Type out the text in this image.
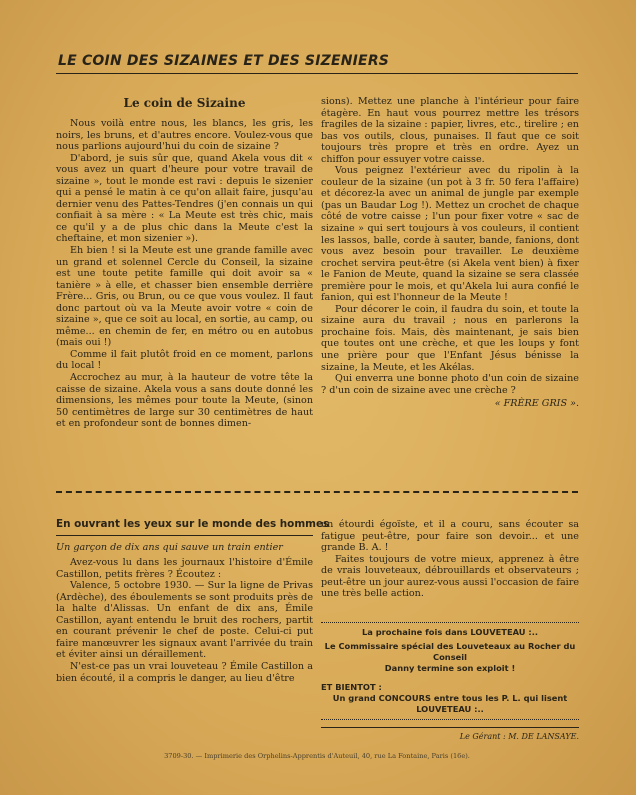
LE COIN DES SIZAINES ET DES SIZENIERS
Le coin de Sizaine

Nous voilà entre nous, les blancs, les gris, les noirs, les bruns, et d'autres encore. Voulez-vous que nous parlions aujourd'hui du coin de sizaine ?

D'abord, je suis sûr que, quand Akela vous dit « vous avez un quart d'heure pour votre travail de sizaine », tout le monde est ravi : depuis le sizenier qui a pensé le matin à ce qu'on allait faire, jusqu'au dernier venu des Pattes-Tendres (j'en connais un qui confiait à sa mère : « La Meute est très chic, mais ce qu'il y a de plus chic dans la Meute c'est la cheftaine, et mon sizenier »).

Eh bien ! si la Meute est une grande famille avec un grand et solennel Cercle du Conseil, la sizaine est une toute petite famille qui doit avoir sa « tanière » à elle, et chasser bien ensemble derrière Frère... Gris, ou Brun, ou ce que vous voulez. Il faut donc partout où va la Meute avoir votre « coin de sizaine », que ce soit au local, en sortie, au camp, ou même... en chemin de fer, en métro ou en autobus (mais oui !)

Comme il fait plutôt froid en ce moment, parlons du local !

Accrochez au mur, à la hauteur de votre tête la caisse de sizaine. Akela vous a sans doute donné les dimensions, les mêmes pour toute la Meute, (sinon 50 centimètres de large sur 30 centimètres de haut et en profondeur sont de bonnes dimen-

sions). Mettez une planche à l'intérieur pour faire étagère. En haut vous pourrez mettre les trésors fragiles de la sizaine : papier, livres, etc., tirelire ; en bas vos outils, clous, punaises. Il faut que ce soit toujours très propre et très en ordre. Ayez un chiffon pour essuyer votre caisse.

Vous peignez l'extérieur avec du ripolin à la couleur de la sizaine (un pot à 3 fr. 50 fera l'affaire) et décorez-la avec un animal de jungle par exemple (pas un Baudar Log !). Mettez un crochet de chaque côté de votre caisse ; l'un pour fixer votre « sac de sizaine » qui sert toujours à vos couleurs, il contient les lassos, balle, corde à sauter, bande, fanions, dont vous avez besoin pour travailler. Le deuxième crochet servira peut-être (si Akela vent bien) à fixer le Fanion de Meute, quand la sizaine se sera classée première pour le mois, et qu'Akela lui aura confié le fanion, qui est l'honneur de la Meute !

Pour décorer le coin, il faudra du soin, et toute la sizaine aura du travail ; nous en parlerons la prochaine fois. Mais, dès maintenant, je sais bien que toutes ont une crèche, et que les loups y font une prière pour que l'Enfant Jésus bénisse la sizaine, la Meute, et les Akélas.

Qui enverra une bonne photo d'un coin de sizaine ? d'un coin de sizaine avec une crèche ?

« FRÈRE GRIS ».
En ouvrant les yeux sur le monde des hommes
Un garçon de dix ans qui sauve un train entier

Avez-vous lu dans les journaux l'histoire d'Émile Castillon, petits frères ? Écoutez :

Valence, 5 octobre 1930. — Sur la ligne de Privas (Ardèche), des éboulements se sont produits près de la halte d'Alissas. Un enfant de dix ans, Émile Castillon, ayant entendu le bruit des rochers, partit en courant prévenir le chef de poste. Celui-ci put faire manœuvrer les signaux avant l'arrivée du train et éviter ainsi un déraillement.

N'est-ce pas un vrai louveteau ? Émile Castillon a bien écouté, il a compris le danger, au lieu d'être

un étourdi égoïste, et il a couru, sans écouter sa fatigue peut-être, pour faire son devoir... et une grande B. A. !

Faites toujours de votre mieux, apprenez à être de vrais louveteaux, débrouillards et observateurs ; peut-être un jour aurez-vous aussi l'occasion de faire une très belle action.

La prochaine fois dans LOUVETEAU :..
Le Commissaire spécial des Louveteaux au Rocher du Conseil
Danny termine son exploit !
ET BIENTOT :
Un grand CONCOURS entre tous les P. L. qui lisent LOUVETEAU :..
Le Gérant : M. DE LANSAYE.
3709-30. — Imprimerie des Orphelins-Apprentis d'Auteuil, 40, rue La Fontaine, Paris (16e).
